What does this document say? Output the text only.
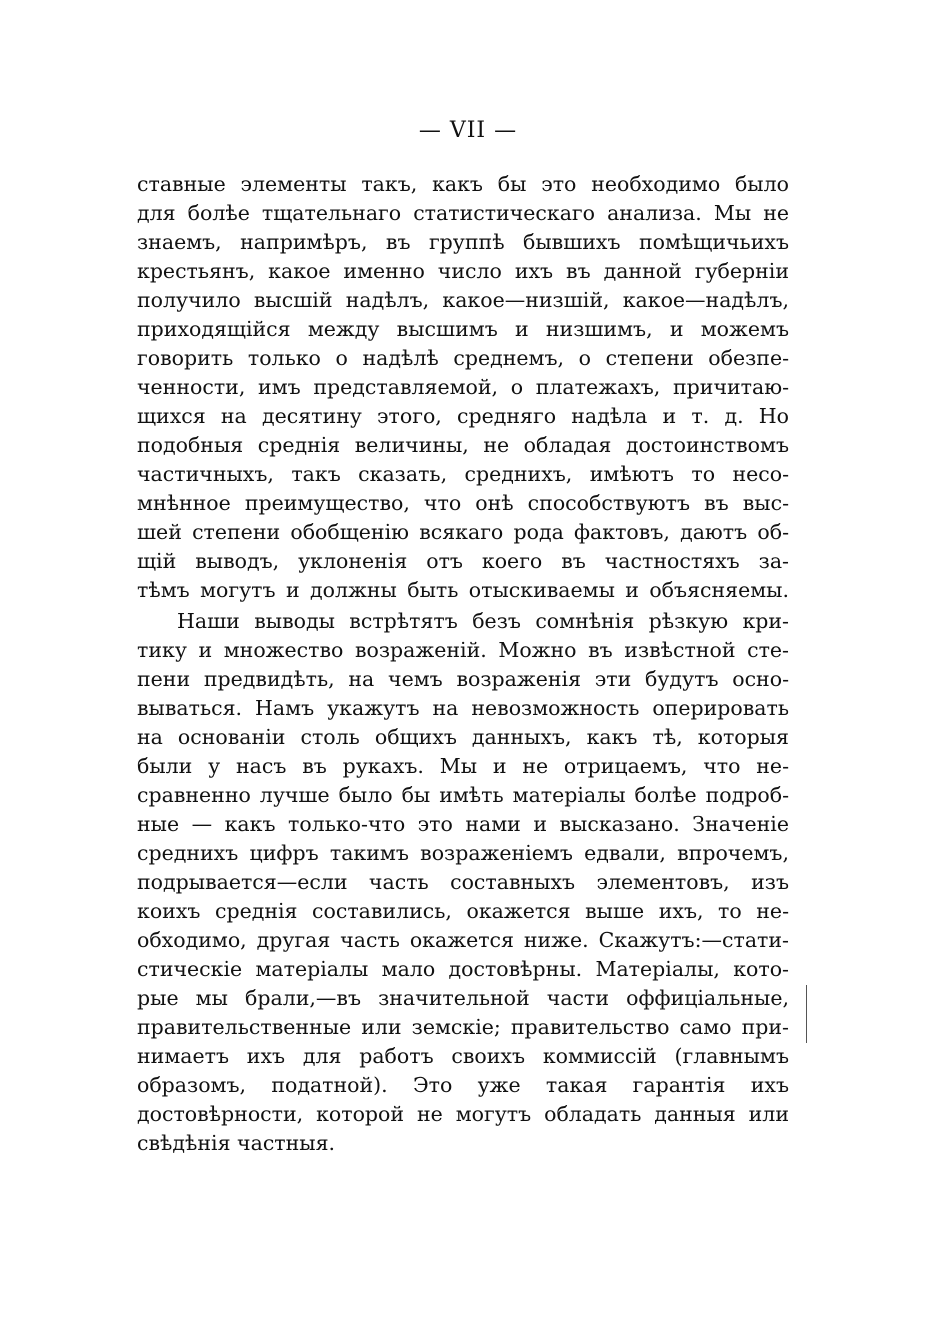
— VII —
ставные элементы такъ, какъ бы это необходимо было
для болѣе тщательнаго статистическаго анализа. Мы не
знаемъ, напримѣръ, въ группѣ бывшихъ помѣщичьихъ
крестьянъ, какое именно число ихъ въ данной губерніи
получило высшій надѣлъ, какое—низшій, какое—надѣлъ,
приходящійся между высшимъ и низшимъ, и можемъ
говорить только о надѣлѣ среднемъ, о степени обезпе-
ченности, имъ представляемой, о платежахъ, причитаю-
щихся на десятину этого, средняго надѣла и т. д. Но
подобныя среднія величины, не обладая достоинствомъ
частичныхъ, такъ сказать, среднихъ, имѣютъ то несо-
мнѣнное преимущество, что онѣ способствуютъ въ выс-
шей степени обобщенію всякаго рода фактовъ, даютъ об-
щій выводъ, уклоненія отъ коего въ частностяхъ за-
тѣмъ могутъ и должны быть отыскиваемы и объясняемы.
Наши выводы встрѣтятъ безъ сомнѣнія рѣзкую кри-
тику и множество возраженій. Можно въ извѣстной сте-
пени предвидѣть, на чемъ возраженія эти будутъ осно-
вываться. Намъ укажутъ на невозможность оперировать
на основаніи столь общихъ данныхъ, какъ тѣ, которыя
были у насъ въ рукахъ. Мы и не отрицаемъ, что не-
сравненно лучше было бы имѣть матеріалы болѣе подроб-
ные — какъ только-что это нами и высказано. Значеніе
среднихъ цифръ такимъ возраженіемъ едвали, впрочемъ,
подрывается—если часть составныхъ элементовъ, изъ
коихъ среднія составились, окажется выше ихъ, то не-
обходимо, другая часть окажется ниже. Скажутъ:—стати-
стическіе матеріалы мало достовѣрны. Матеріалы, кото-
рые мы брали,—въ значительной части оффиціальные,
правительственные или земскіе; правительство само при-
нимаетъ ихъ для работъ своихъ коммиссій (главнымъ
образомъ, податной). Это уже такая гарантія ихъ
достовѣрности, которой не могутъ обладать данныя или
свѣдѣнія частныя.
